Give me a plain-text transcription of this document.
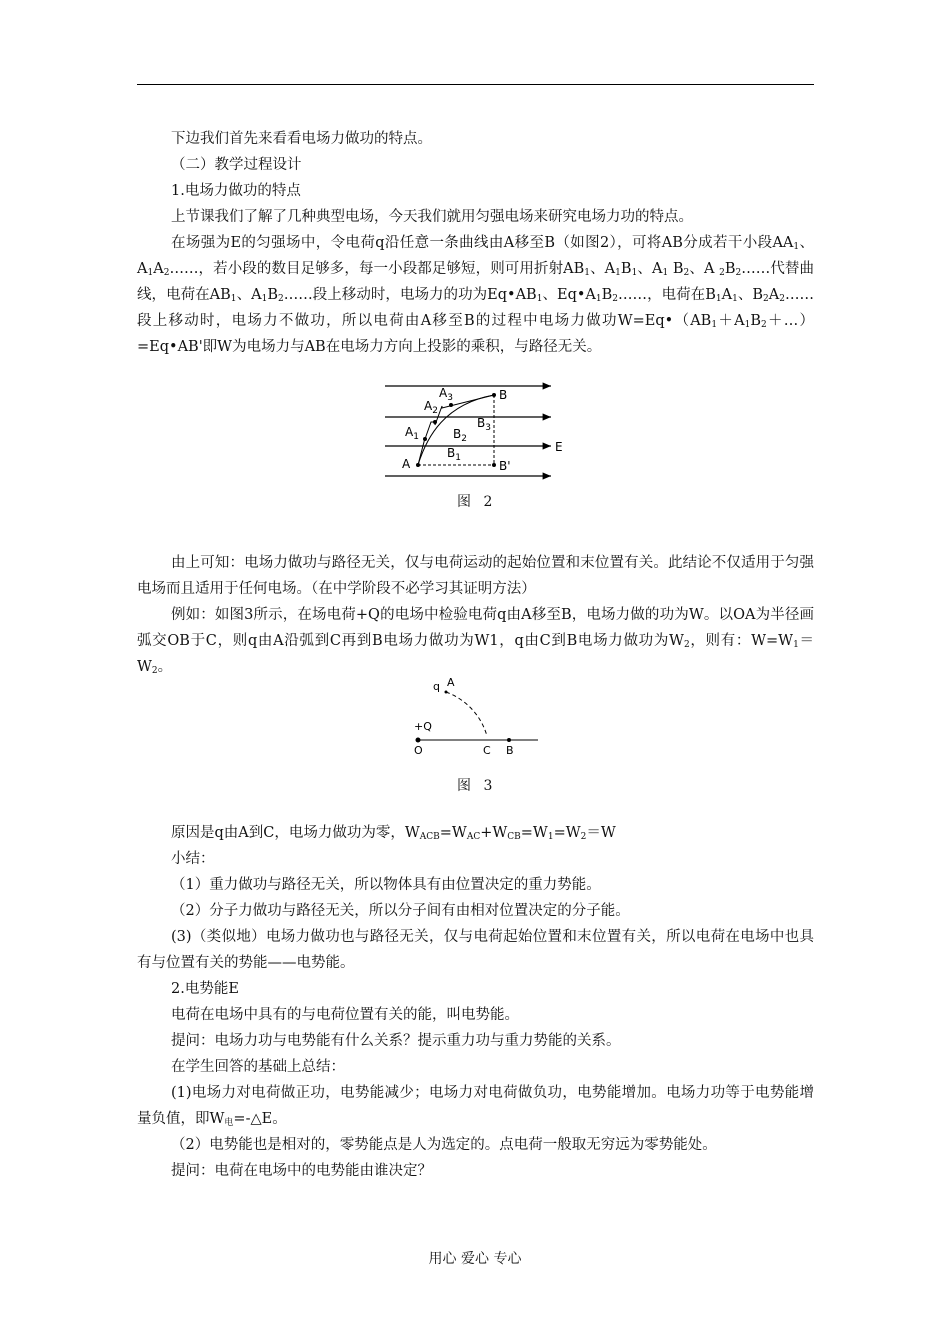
下边我们首先来看看电场力做功的特点。

（二）教学过程设计

1.电场力做功的特点

上节课我们了解了几种典型电场，今天我们就用匀强电场来研究电场力功的特点。

在场强为E的匀强场中，令电荷q沿任意一条曲线由A移至B（如图2），可将AB分成若干小段$AA_1$、$A_1A_2\dots\dots$，若小段的数目足够多，每一小段都足够短，则可用折射$AB_1$、$A_1B_1$、$A_1$ $B_2$、A $_2B_2\dots\dots$代替曲线，电荷在$AB_1$、$A_1B_2\dots\dots$段上移动时，电场力的功为$Eq•AB_1$、$Eq•A_1B_2\dots\dots$，电荷在$B_1A_1$、$B_2A_2\dots\dots$段上移动时，电场力不做功，所以电荷由A移至B的过程中电场力做功$W=Eq•(AB_1+A_1B_2+\dots)=Eq•AB'$即W为电场力与AB在电场力方向上投影的乘积，与路径无关。

A
$A_1$
$A_2$
$A_3$	B
$B_1$
$B_2$
$B_3$
B'
E
图 2

由上可知：电场力做功与路径无关，仅与电荷运动的起始位置和末位置有关。此结论不仅适用于匀强电场而且适用于任何电场。（在中学阶段不必学习其证明方法）

例如：如图3所示，在场电荷+Q的电场中检验电荷q由A移至B，电场力做的功为W。以OA为半径画弧交OB于C，则q由A沿弧到C再到B电场力做功为W1，q由C到B电场力做功为$W_2$，则有：$W=W_1=W_2$。

q A
+Q
O	C B
图 3

原因是q由A到C，电场力做功为零，$W_{ACB}=W_{AC}+W_{CB}=W_1=W_2=W$

小结：

（1）重力做功与路径无关，所以物体具有由位置决定的重力势能。

（2）分子力做功与路径无关，所以分子间有由相对位置决定的分子能。

(3)（类似地）电场力做功也与路径无关，仅与电荷起始位置和末位置有关，所以电荷在电场中也具有与位置有关的势能——电势能。

2.电势能E

电荷在电场中具有的与电荷位置有关的能，叫电势能。

提问：电场力功与电势能有什么关系？提示重力功与重力势能的关系。

在学生回答的基础上总结：

(1)电场力对电荷做正功，电势能减少；电场力对电荷做负功，电势能增加。电场力功等于电势能增量负值，即$W_电=-\triangle E$。

（2）电势能也是相对的，零势能点是人为选定的。点电荷一般取无穷远为零势能处。

提问：电荷在电场中的电势能由谁决定？

用心 爱心 专心
